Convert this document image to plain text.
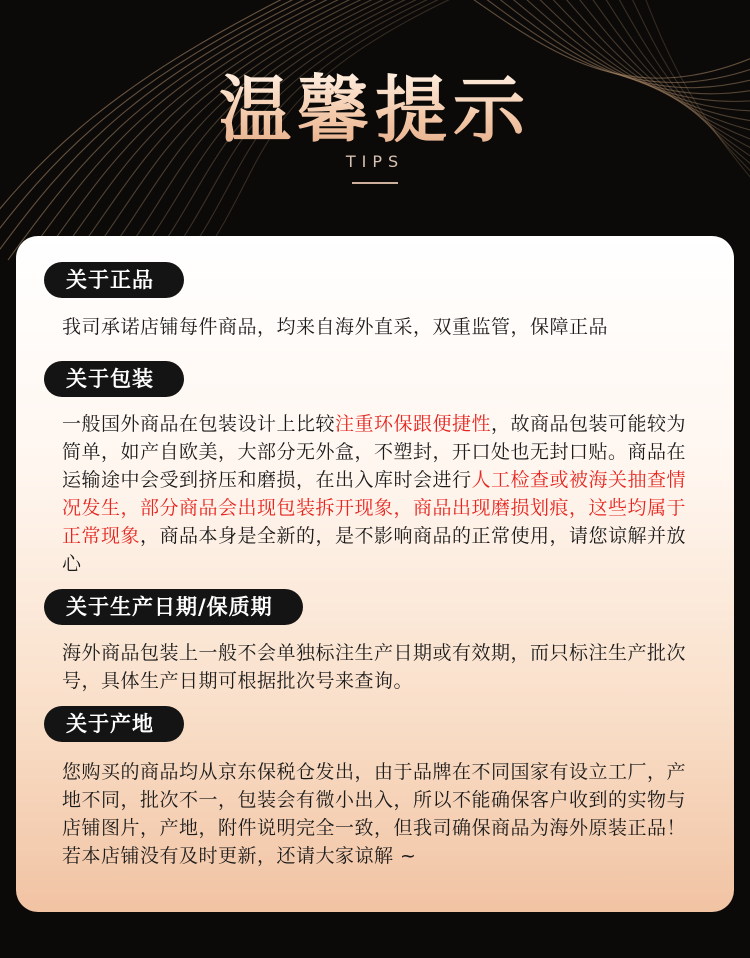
温馨提示
TIPS
关于正品
我司承诺店铺每件商品，均来自海外直采，双重监管，保障正品
关于包装
一般国外商品在包装设计上比较注重环保跟便捷性，故商品包装可能较为简单，如产自欧美，大部分无外盒，不塑封，开口处也无封口贴。商品在运输途中会受到挤压和磨损，在出入库时会进行人工检查或被海关抽查情况发生，部分商品会出现包装拆开现象，商品出现磨损划痕，这些均属于正常现象，商品本身是全新的，是不影响商品的正常使用，请您谅解并放心
关于生产日期/保质期
海外商品包装上一般不会单独标注生产日期或有效期，而只标注生产批次号，具体生产日期可根据批次号来查询。
关于产地
您购买的商品均从京东保税仓发出，由于品牌在不同国家有设立工厂，产地不同，批次不一，包装会有微小出入，所以不能确保客户收到的实物与店铺图片，产地，附件说明完全一致，但我司确保商品为海外原装正品！若本店铺没有及时更新，还请大家谅解 ~
